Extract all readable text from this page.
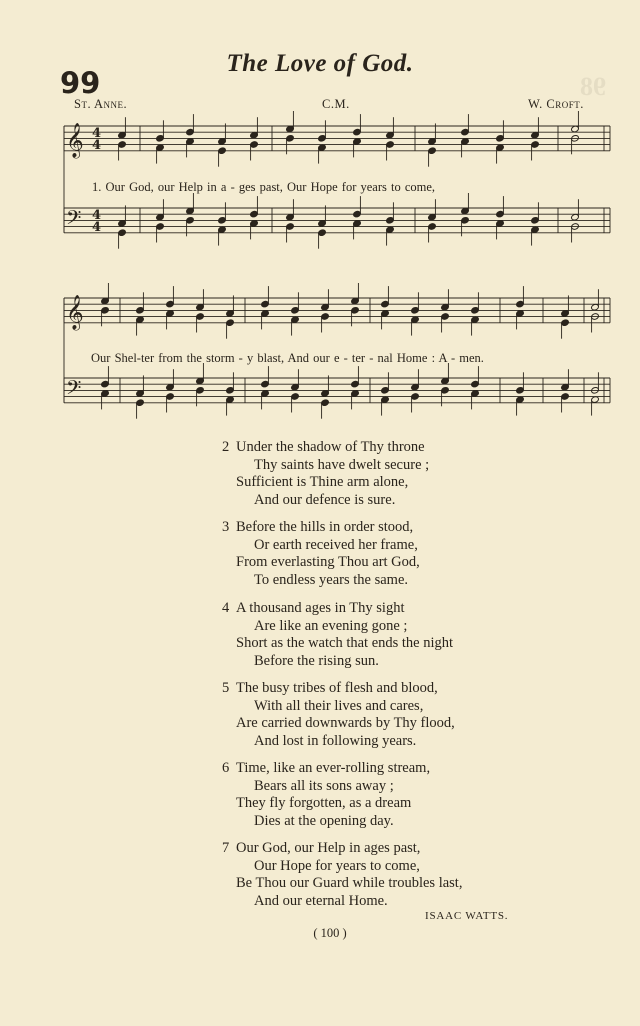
98
The Love of God.
99
St. Anne.	C.M.	W. Croft.
𝄞
𝄢
4
4
4
4
𝄞
𝄢
1. Our God, our Help in a - ges past, Our Hope for years to come,
Our Shel-ter from the storm - y blast, And our e - ter - nal Home : A - men.
2 Under the shadow of Thy throne
Thy saints have dwelt secure ;
Sufficient is Thine arm alone,
And our defence is sure.
3 Before the hills in order stood,
Or earth received her frame,
From everlasting Thou art God,
To endless years the same.
4 A thousand ages in Thy sight
Are like an evening gone ;
Short as the watch that ends the night
Before the rising sun.
5 The busy tribes of flesh and blood,
With all their lives and cares,
Are carried downwards by Thy flood,
And lost in following years.
6 Time, like an ever-rolling stream,
Bears all its sons away ;
They fly forgotten, as a dream
Dies at the opening day.
7 Our God, our Help in ages past,
Our Hope for years to come,
Be Thou our Guard while troubles last,
And our eternal Home.
ISAAC WATTS.
( 100 )
